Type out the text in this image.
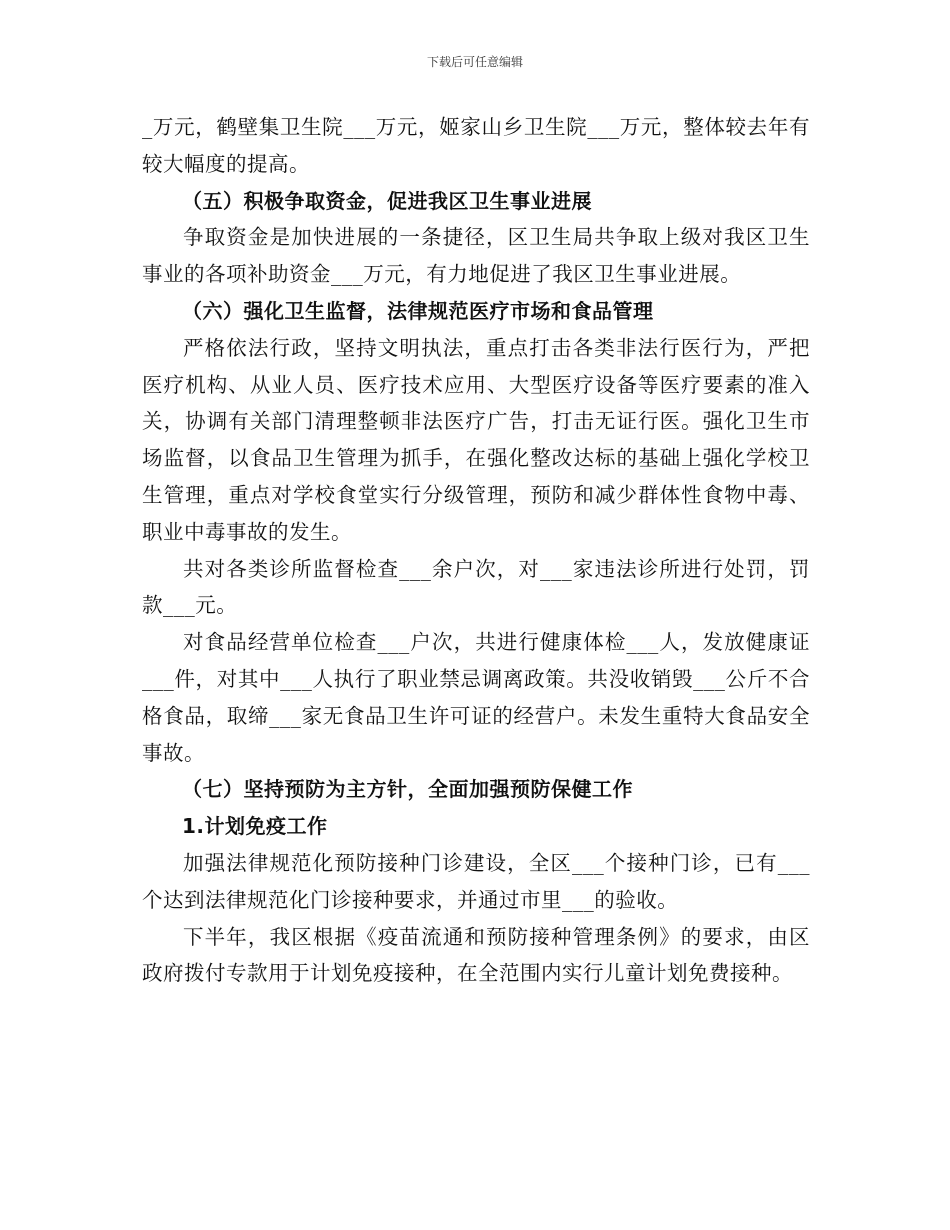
下载后可任意编辑

_万元，鹤壁集卫生院___万元，姬家山乡卫生院___万元，整体较去年有较大幅度的提高。

（五）积极争取资金，促进我区卫生事业进展

争取资金是加快进展的一条捷径，区卫生局共争取上级对我区卫生事业的各项补助资金___万元，有力地促进了我区卫生事业进展。

（六）强化卫生监督，法律规范医疗市场和食品管理

严格依法行政，坚持文明执法，重点打击各类非法行医行为，严把医疗机构、从业人员、医疗技术应用、大型医疗设备等医疗要素的准入关，协调有关部门清理整顿非法医疗广告，打击无证行医。强化卫生市场监督，以食品卫生管理为抓手，在强化整改达标的基础上强化学校卫生管理，重点对学校食堂实行分级管理，预防和减少群体性食物中毒、职业中毒事故的发生。

共对各类诊所监督检查___余户次，对___家违法诊所进行处罚，罚款___元。

对食品经营单位检查___户次，共进行健康体检___人，发放健康证___件，对其中___人执行了职业禁忌调离政策。共没收销毁___公斤不合格食品，取缔___家无食品卫生许可证的经营户。未发生重特大食品安全事故。

（七）坚持预防为主方针，全面加强预防保健工作

1.计划免疫工作

加强法律规范化预防接种门诊建设，全区___个接种门诊，已有___个达到法律规范化门诊接种要求，并通过市里___的验收。

下半年，我区根据《疫苗流通和预防接种管理条例》的要求，由区政府拨付专款用于计划免疫接种，在全范围内实行儿童计划免费接种。
